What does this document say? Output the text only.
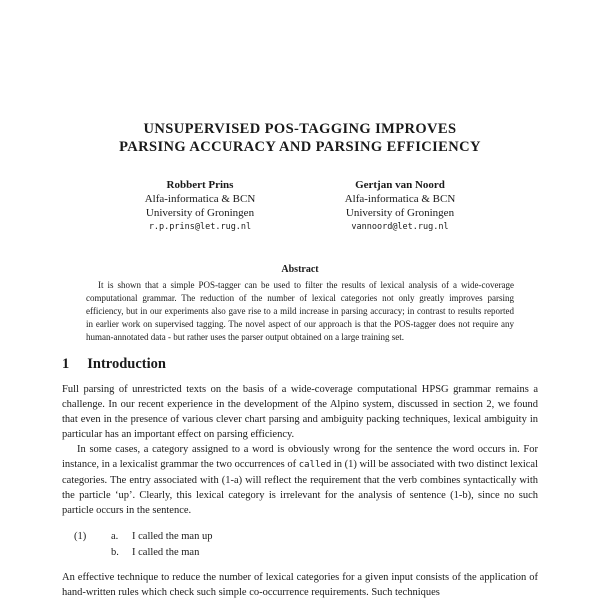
UNSUPERVISED POS-TAGGING IMPROVES
PARSING ACCURACY AND PARSING EFFICIENCY
Robbert Prins
Alfa-informatica & BCN
University of Groningen
r.p.prins@let.rug.nl
Gertjan van Noord
Alfa-informatica & BCN
University of Groningen
vannoord@let.rug.nl
Abstract

It is shown that a simple POS-tagger can be used to filter the results of lexical analysis of a wide-coverage computational grammar. The reduction of the number of lexical categories not only greatly improves parsing efficiency, but in our experiments also gave rise to a mild increase in parsing accuracy; in contrast to results reported in earlier work on supervised tagging. The novel aspect of our approach is that the POS-tagger does not require any human-annotated data - but rather uses the parser output obtained on a large training set.

1 Introduction

Full parsing of unrestricted texts on the basis of a wide-coverage computational HPSG grammar remains a challenge. In our recent experience in the development of the Alpino system, discussed in section 2, we found that even in the presence of various clever chart parsing and ambiguity packing techniques, lexical ambiguity in particular has an important effect on parsing efficiency.

In some cases, a category assigned to a word is obviously wrong for the sentence the word occurs in. For instance, in a lexicalist grammar the two occurrences of called in (1) will be associated with two distinct lexical categories. The entry associated with (1-a) will reflect the requirement that the verb combines syntactically with the particle ‘up’. Clearly, this lexical category is irrelevant for the analysis of sentence (1-b), since no such particle occurs in the sentence.

(1)	a.	I called the man up
b.	I called the man

An effective technique to reduce the number of lexical categories for a given input consists of the application of hand-written rules which check such simple co-occurrence requirements. Such techniques
